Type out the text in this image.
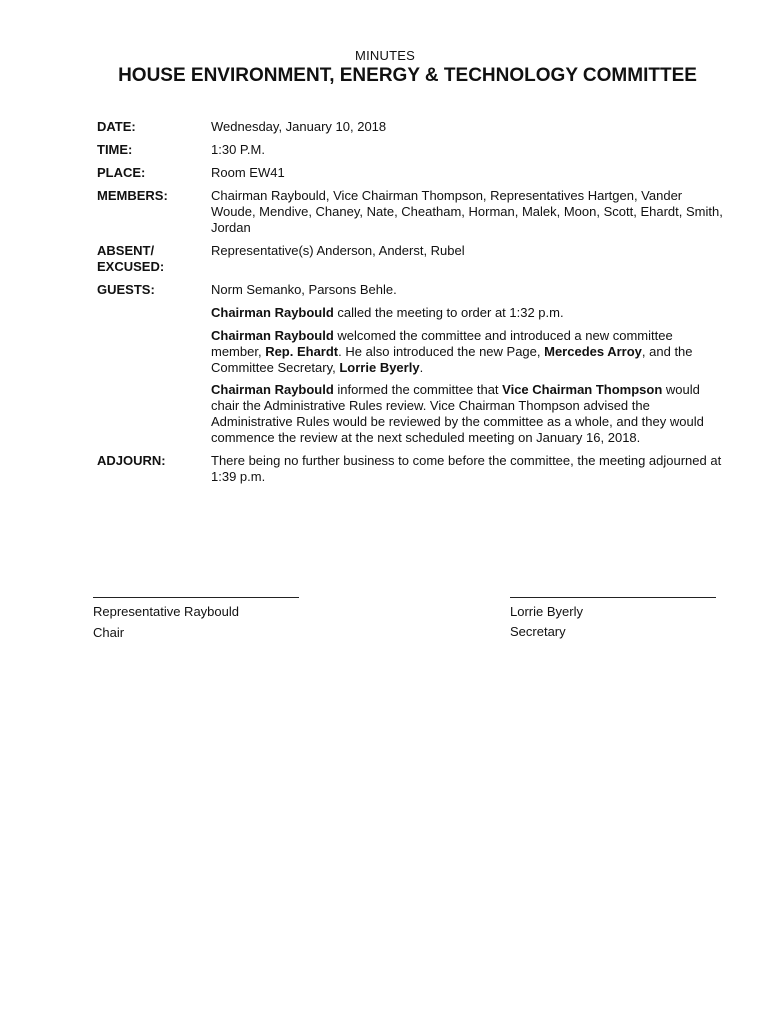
MINUTES
HOUSE ENVIRONMENT, ENERGY & TECHNOLOGY COMMITTEE
DATE:	Wednesday, January 10, 2018
TIME:	1:30 P.M.
PLACE:	Room EW41
MEMBERS:	Chairman Raybould, Vice Chairman Thompson, Representatives Hartgen, Vander Woude, Mendive, Chaney, Nate, Cheatham, Horman, Malek, Moon, Scott, Ehardt, Smith, Jordan
ABSENT/ EXCUSED:
Representative(s) Anderson, Anderst, Rubel
GUESTS:	Norm Semanko, Parsons Behle.
Chairman Raybould called the meeting to order at 1:32 p.m.
Chairman Raybould welcomed the committee and introduced a new committee member, Rep. Ehardt. He also introduced the new Page, Mercedes Arroy, and the Committee Secretary, Lorrie Byerly.
Chairman Raybould informed the committee that Vice Chairman Thompson would chair the Administrative Rules review. Vice Chairman Thompson advised the Administrative Rules would be reviewed by the committee as a whole, and they would commence the review at the next scheduled meeting on January 16, 2018.
ADJOURN:	There being no further business to come before the committee, the meeting adjourned at 1:39 p.m.
Representative Raybould
Chair
Lorrie Byerly
Secretary
